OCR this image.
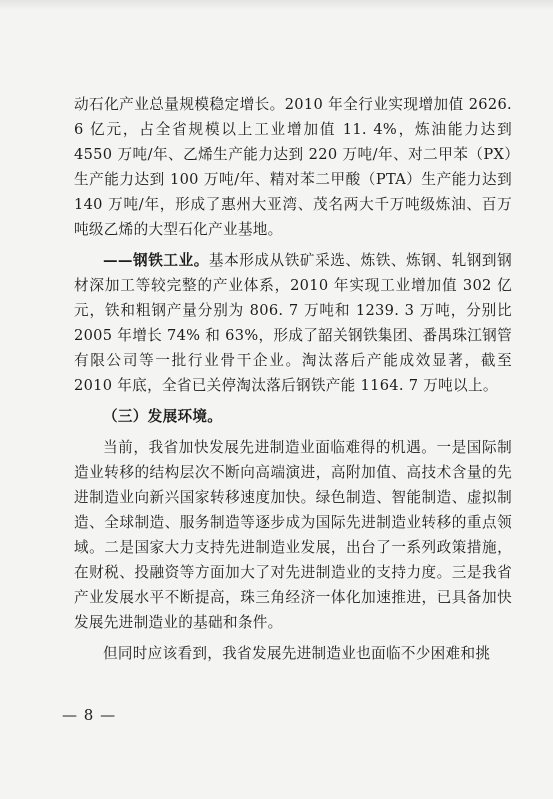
动石化产业总量规模稳定增长。2010 年全行业实现增加值 2626. 6 亿元，占全省规模以上工业增加值 11. 4%，炼油能力达到 4550 万吨/年、乙烯生产能力达到 220 万吨/年、对二甲苯（PX）生产能力达到 100 万吨/年、精对苯二甲酸（PTA）生产能力达到 140 万吨/年，形成了惠州大亚湾、茂名两大千万吨级炼油、百万吨级乙烯的大型石化产业基地。

——钢铁工业。基本形成从铁矿采选、炼铁、炼钢、轧钢到钢材深加工等较完整的产业体系，2010 年实现工业增加值 302 亿元，铁和粗钢产量分别为 806. 7 万吨和 1239. 3 万吨，分别比 2005 年增长 74% 和 63%，形成了韶关钢铁集团、番禺珠江钢管有限公司等一批行业骨干企业。淘汰落后产能成效显著，截至 2010 年底，全省已关停淘汰落后钢铁产能 1164. 7 万吨以上。

（三）发展环境。

当前，我省加快发展先进制造业面临难得的机遇。一是国际制造业转移的结构层次不断向高端演进，高附加值、高技术含量的先进制造业向新兴国家转移速度加快。绿色制造、智能制造、虚拟制造、全球制造、服务制造等逐步成为国际先进制造业转移的重点领域。二是国家大力支持先进制造业发展，出台了一系列政策措施，在财税、投融资等方面加大了对先进制造业的支持力度。三是我省产业发展水平不断提高，珠三角经济一体化加速推进，已具备加快发展先进制造业的基础和条件。

但同时应该看到，我省发展先进制造业也面临不少困难和挑

— 8 —
